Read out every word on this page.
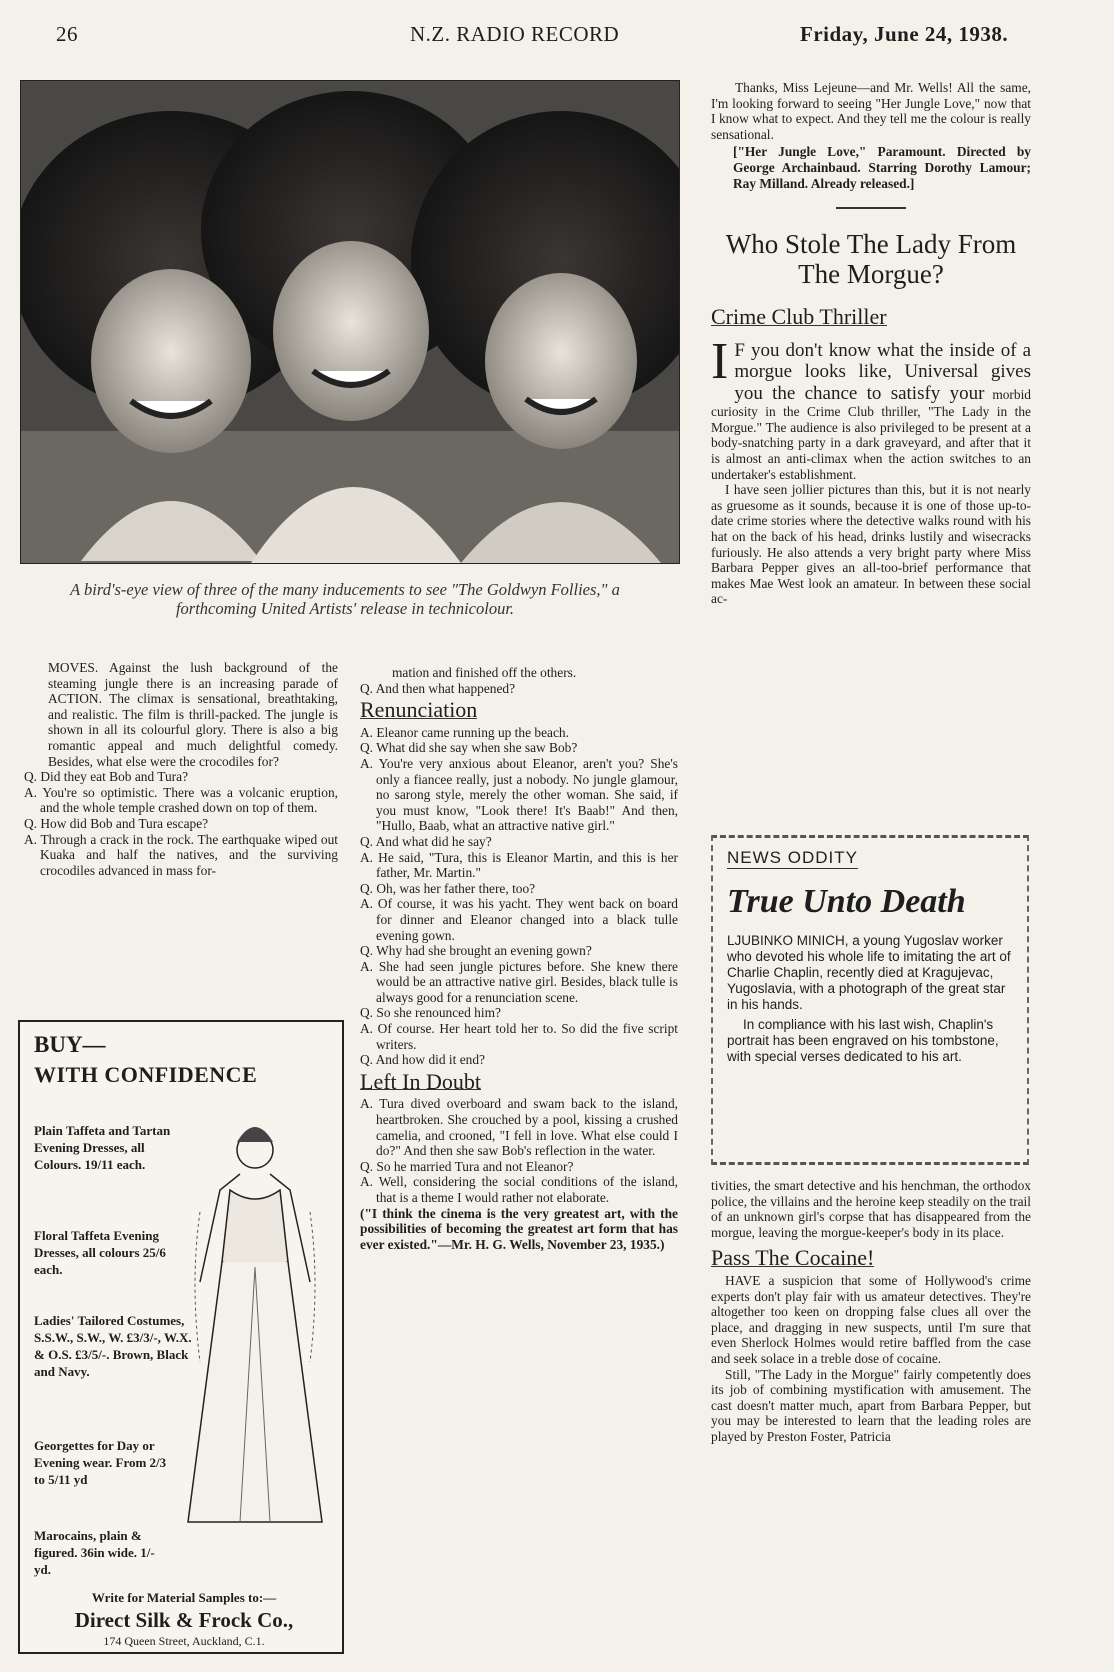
26	N.Z. RADIO RECORD	Friday, June 24, 1938.
A bird's-eye view of three of the many inducements to see "The Goldwyn Follies," a forthcoming United Artists' release in technicolour.

MOVES. Against the lush background of the steaming jungle there is an increasing parade of ACTION. The climax is sensational, breathtaking, and realistic. The film is thrill-packed. The jungle is shown in all its colourful glory. There is also a big romantic appeal and much delightful comedy. Besides, what else were the crocodiles for?

Q. Did they eat Bob and Tura?

A. You're so optimistic. There was a volcanic eruption, and the whole temple crashed down on top of them.

Q. How did Bob and Tura escape?

A. Through a crack in the rock. The earthquake wiped out Kuaka and half the natives, and the surviving crocodiles advanced in mass for-

BUY—
WITH CONFIDENCE
Plain Taffeta and Tartan Evening Dresses, all Colours. 19/11 each.
Floral Taffeta Evening Dresses, all colours 25/6 each.
Ladies' Tailored Costumes, S.S.W., S.W., W. £3/3/-, W.X. & O.S. £3/5/-. Brown, Black and Navy.
Georgettes for Day or Evening wear. From 2/3 to 5/11 yd
Marocains, plain & figured. 36in wide. 1/- yd.
Write for Material Samples to:—
Direct Silk & Frock Co.,
174 Queen Street, Auckland, C.1.

mation and finished off the others.

Q. And then what happened?

Renunciation

A. Eleanor came running up the beach.

Q. What did she say when she saw Bob?

A. You're very anxious about Eleanor, aren't you? She's only a fiancee really, just a nobody. No jungle glamour, no sarong style, merely the other woman. She said, if you must know, "Look there! It's Baab!" And then, "Hullo, Baab, what an attractive native girl."

Q. And what did he say?

A. He said, "Tura, this is Eleanor Martin, and this is her father, Mr. Martin."

Q. Oh, was her father there, too?

A. Of course, it was his yacht. They went back on board for dinner and Eleanor changed into a black tulle evening gown.

Q. Why had she brought an evening gown?

A. She had seen jungle pictures before. She knew there would be an attractive native girl. Besides, black tulle is always good for a renunciation scene.

Q. So she renounced him?

A. Of course. Her heart told her to. So did the five script writers.

Q. And how did it end?

Left In Doubt

A. Tura dived overboard and swam back to the island, heartbroken. She crouched by a pool, kissing a crushed camelia, and crooned, "I fell in love. What else could I do?" And then she saw Bob's reflection in the water.

Q. So he married Tura and not Eleanor?

A. Well, considering the social conditions of the island, that is a theme I would rather not elaborate.

("I think the cinema is the very greatest art, with the possibilities of becoming the greatest art form that has ever existed."—Mr. H. G. Wells, November 23, 1935.)

Thanks, Miss Lejeune—and Mr. Wells! All the same, I'm looking forward to seeing "Her Jungle Love," now that I know what to expect. And they tell me the colour is really sensational.

["Her Jungle Love," Paramount. Directed by George Archainbaud. Starring Dorothy Lamour; Ray Milland. Already released.]

Who Stole The Lady From The Morgue?
Crime Club Thriller
I F you don't know what the inside of a morgue looks like, Universal gives you the chance to satisfy your morbid curiosity in the Crime Club thriller, "The Lady in the Morgue." The audience is also privileged to be present at a body-snatching party in a dark graveyard, and after that it is almost an anti-climax when the action switches to an undertaker's establishment.

I have seen jollier pictures than this, but it is not nearly as gruesome as it sounds, because it is one of those up-to-date crime stories where the detective walks round with his hat on the back of his head, drinks lustily and wisecracks furiously. He also attends a very bright party where Miss Barbara Pepper gives an all-too-brief performance that makes Mae West look an amateur. In between these social ac-

NEWS ODDITY
True Unto Death

LJUBINKO MINICH, a young Yugoslav worker who devoted his whole life to imitating the art of Charlie Chaplin, recently died at Kragujevac, Yugoslavia, with a photograph of the great star in his hands.

In compliance with his last wish, Chaplin's portrait has been engraved on his tombstone, with special verses dedicated to his art.

tivities, the smart detective and his henchman, the orthodox police, the villains and the heroine keep steadily on the trail of an unknown girl's corpse that has disappeared from the morgue, leaving the morgue-keeper's body in its place.

Pass The Cocaine!

HAVE a suspicion that some of Hollywood's crime experts don't play fair with us amateur detectives. They're altogether too keen on dropping false clues all over the place, and dragging in new suspects, until I'm sure that even Sherlock Holmes would retire baffled from the case and seek solace in a treble dose of cocaine.

Still, "The Lady in the Morgue" fairly competently does its job of combining mystification with amusement. The cast doesn't matter much, apart from Barbara Pepper, but you may be interested to learn that the leading roles are played by Preston Foster, Patricia
